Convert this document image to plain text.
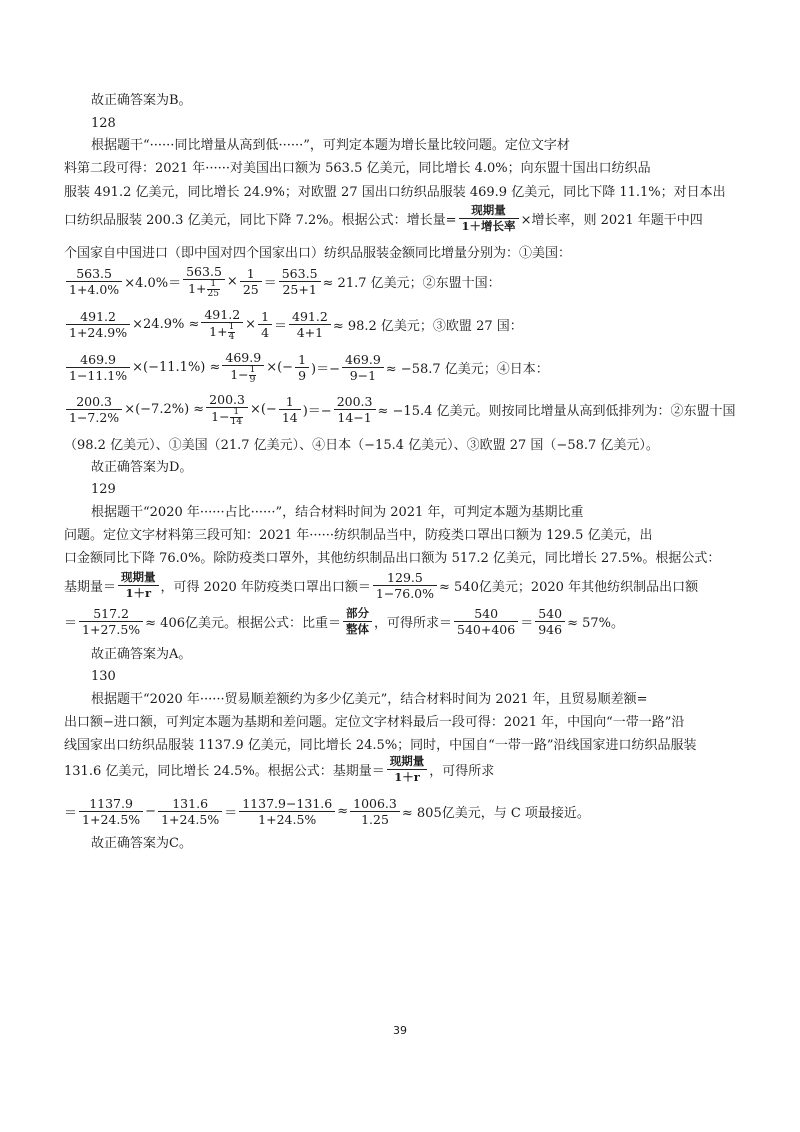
故正确答案为B。
128
根据题干“······同比增量从高到低······”，可判定本题为增长量比较问题。定位文字材
料第二段可得：2021 年······对美国出口额为 563.5 亿美元，同比增长 4.0%；向东盟十国出口纺织品
服装 491.2 亿美元，同比增长 24.9%；对欧盟 27 国出口纺织品服装 469.9 亿美元，同比下降 11.1%；对日本出
口纺织品服装 200.3 亿美元，同比下降 7.2%。根据公式：增长量= $\frac{\text{现期量}}{\text{1＋增长率}}$ ×增长率，则 2021 年题干中四
个国家自中国进口（即中国对四个国家出口）纺织品服装金额同比增量分别为：①美国：
$\frac{563.5}{1+4.0\%} \times 4.0\%= \frac{563.5}{1+ \frac{1}{25}} \times \frac{1}{25} = \frac{563.5}{25+1} \approx 21.7$ 亿美元；②东盟十国：
$\frac{491.2}{1+24.9\%} \times 24.9\% \approx \frac{491.2}{1+ \frac{1}{4}} \times \frac{1}{4} = \frac{491.2}{4+1} \approx 98.2$ 亿美元；③欧盟 27 国：
$\frac{469.9}{1-11.1\%} \times(-11.1\%) \approx \frac{469.9}{1- \frac{1}{9}}$ ×(− $\frac{1}{9}$ )＝− $\frac{469.9}{9-1} \approx -58.7$ 亿美元；④日本：
$\frac{200.3}{1-7.2\%} \times(-7.2\%) \approx \frac{200.3}{1- \frac{1}{14}}$ ×(− $\frac{1}{14}$ )＝− $\frac{200.3}{14-1} \approx -15.4$ 亿美元。则按同比增量从高到低排列为：②东盟十国
（98.2 亿美元）、①美国（21.7 亿美元）、④日本（−15.4 亿美元）、③欧盟 27 国（−58.7 亿美元）。
故正确答案为D。
129
根据题干“2020 年······占比······”，结合材料时间为 2021 年，可判定本题为基期比重
问题。定位文字材料第三段可知：2021 年······纺织制品当中，防疫类口罩出口额为 129.5 亿美元，出
口金额同比下降 76.0%。除防疫类口罩外，其他纺织制品出口额为 517.2 亿美元，同比增长 27.5%。根据公式：
基期量＝ $\frac{\text{现期量}}{1+r}$ ，可得 2020 年防疫类口罩出口额＝ $\frac{129.5}{1-76.0\%} \approx 540$亿美元；2020 年其他纺织制品出口额
＝ $\frac{517.2}{1+27.5\%} \approx 406$亿美元。根据公式：比重＝ $\frac{\text{部分}}{\text{整体}}$ ，可得所求＝ $\frac{540}{540+406} = \frac{540}{946} \approx 57\%$。
故正确答案为A。
130
根据题干“2020 年······贸易顺差额约为多少亿美元”，结合材料时间为 2021 年，且贸易顺差额=
出口额−进口额，可判定本题为基期和差问题。定位文字材料最后一段可得：2021 年，中国向“一带一路”沿
线国家出口纺织品服装 1137.9 亿美元，同比增长 24.5%；同时，中国自“一带一路”沿线国家进口纺织品服装
131.6 亿美元，同比增长 24.5%。根据公式：基期量＝ $\frac{\text{现期量}}{1+r}$ ，可得所求
＝ $\frac{1137.9}{1+24.5\%} - \frac{131.6}{1+24.5\%} = \frac{1137.9-131.6}{1+24.5\%} \approx \frac{1006.3}{1.25} \approx 805$亿美元，与 C 项最接近。
故正确答案为C。
39
